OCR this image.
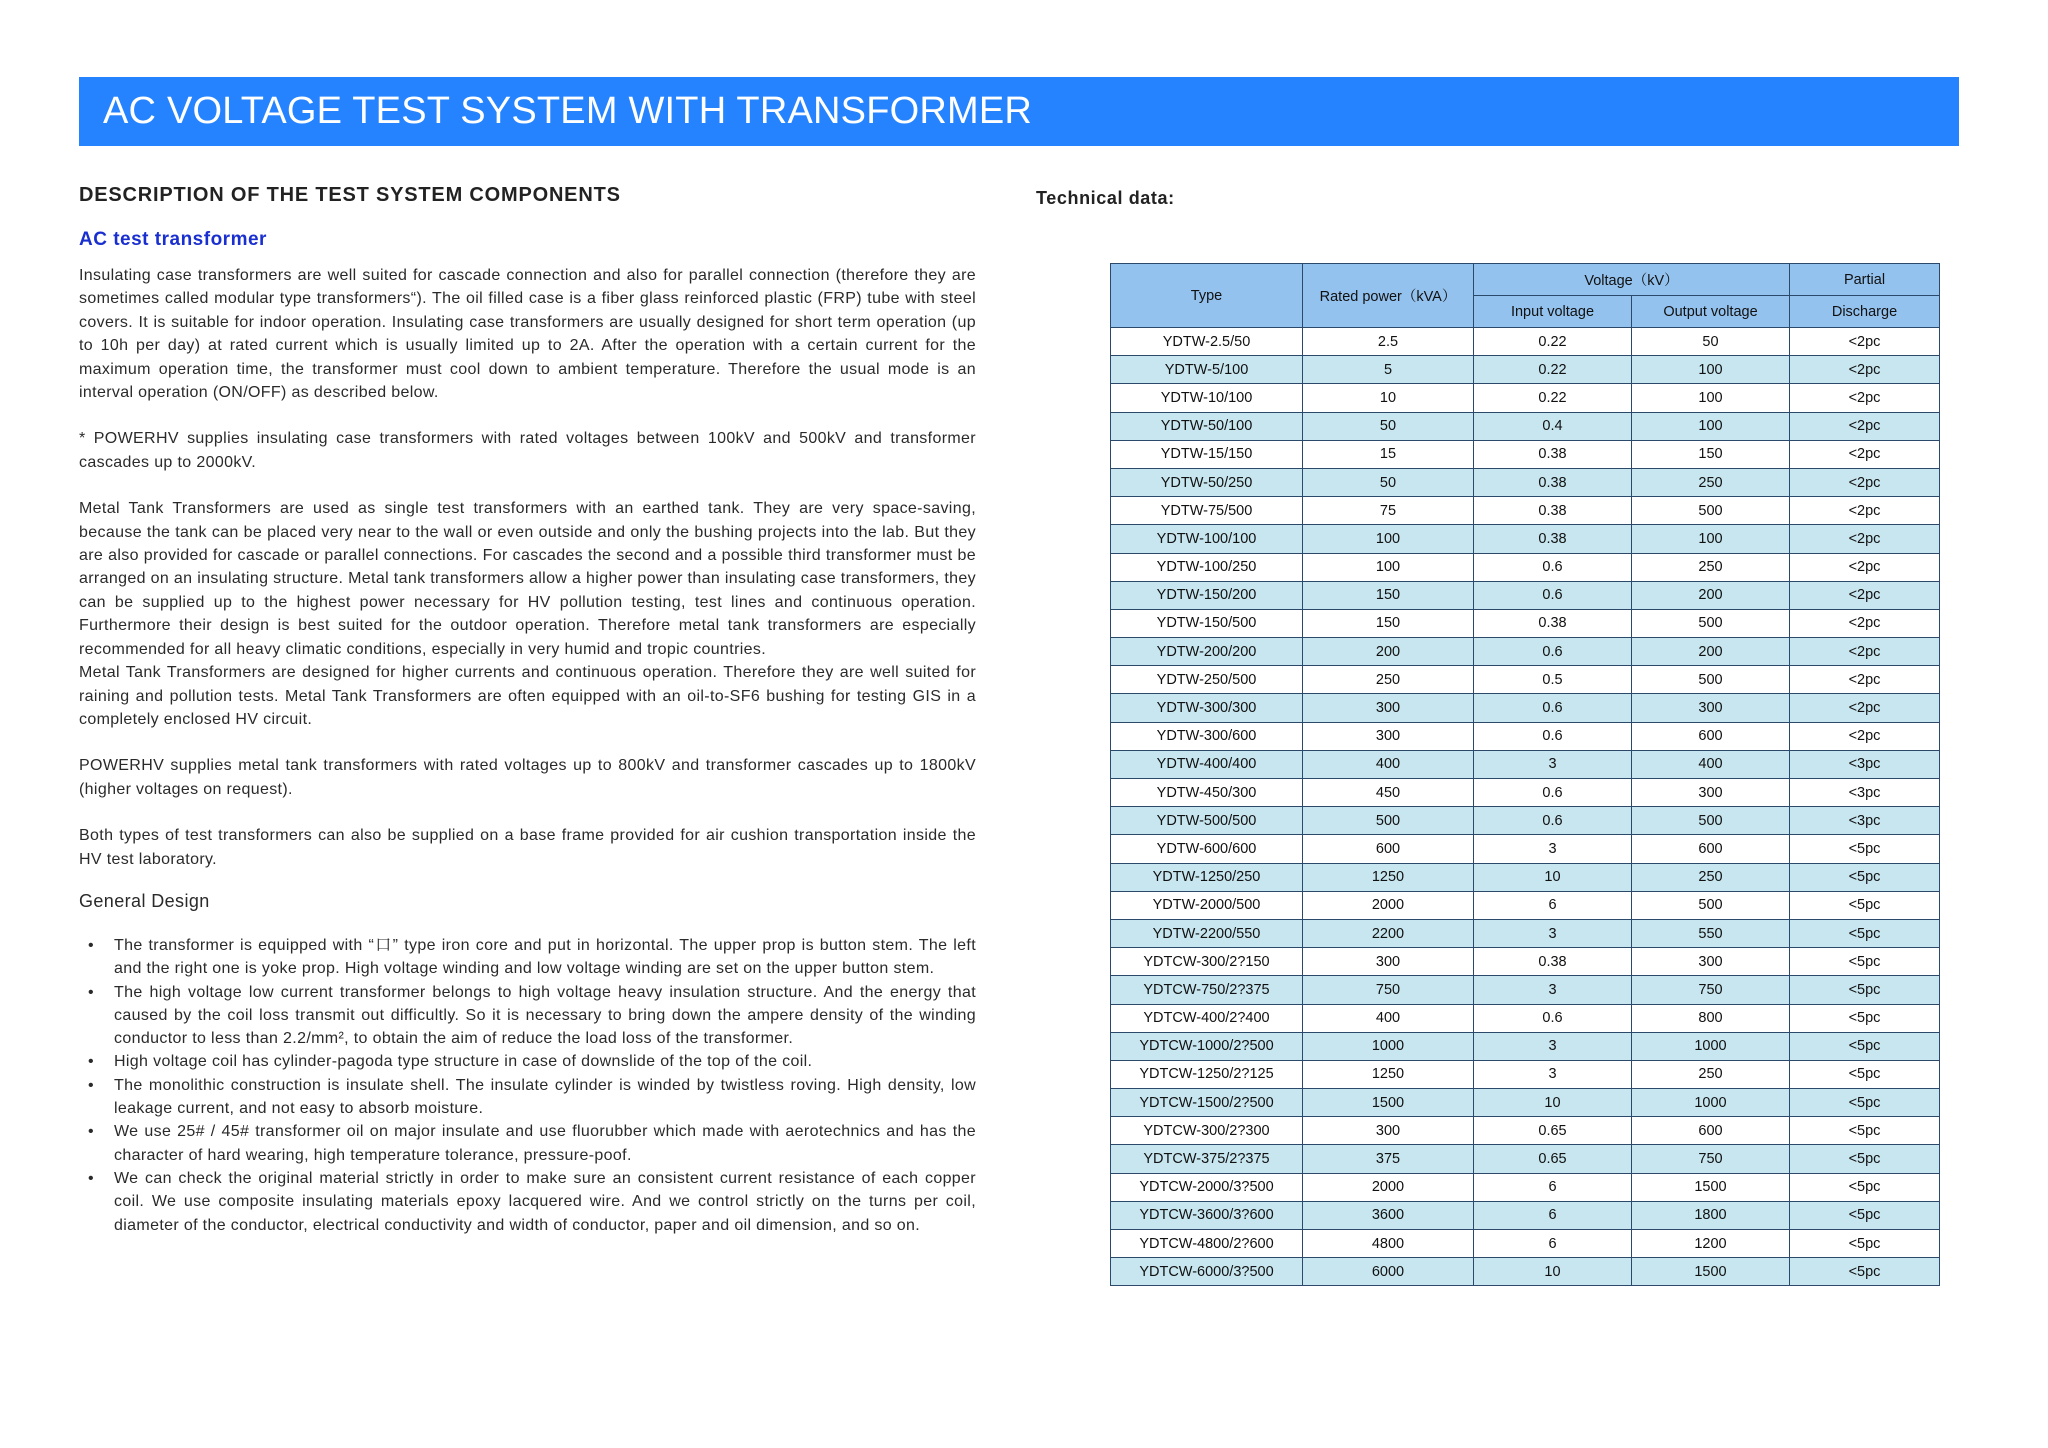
AC VOLTAGE TEST SYSTEM WITH TRANSFORMER
DESCRIPTION OF THE TEST SYSTEM COMPONENTS
AC test transformer

Insulating case transformers are well suited for cascade connection and also for parallel connection (therefore they are sometimes called modular type transformers“). The oil filled case is a fiber glass reinforced plastic (FRP) tube with steel covers. It is suitable for indoor operation. Insulating case transformers are usually designed for short term operation (up to 10h per day) at rated current which is usually limited up to 2A. After the operation with a certain current for the maximum operation time, the transformer must cool down to ambient temperature. Therefore the usual mode is an interval operation (ON/OFF) as described below.

* POWERHV supplies insulating case transformers with rated voltages between 100kV and 500kV and transformer cascades up to 2000kV.

Metal Tank Transformers are used as single test transformers with an earthed tank. They are very space-saving, because the tank can be placed very near to the wall or even outside and only the bushing projects into the lab. But they are also provided for cascade or parallel connections. For cascades the second and a possible third transformer must be arranged on an insulating structure. Metal tank transformers allow a higher power than insulating case transformers, they can be supplied up to the highest power necessary for HV pollution testing, test lines and continuous operation. Furthermore their design is best suited for the outdoor operation. Therefore metal tank transformers are especially recommended for all heavy climatic conditions, especially in very humid and tropic countries.

Metal Tank Transformers are designed for higher currents and continuous operation. Therefore they are well suited for raining and pollution tests. Metal Tank Transformers are often equipped with an oil-to-SF6 bushing for testing GIS in a completely enclosed HV circuit.

POWERHV supplies metal tank transformers with rated voltages up to 800kV and transformer cascades up to 1800kV (higher voltages on request).

Both types of test transformers can also be supplied on a base frame provided for air cushion transportation inside the HV test laboratory.

General Design
• The transformer is equipped with “口” type iron core and put in horizontal. The upper prop is button stem. The left and the right one is yoke prop. High voltage winding and low voltage winding are set on the upper button stem.
• The high voltage low current transformer belongs to high voltage heavy insulation structure. And the energy that caused by the coil loss transmit out difficultly. So it is necessary to bring down the ampere density of the winding conductor to less than 2.2/mm², to obtain the aim of reduce the load loss of the transformer.
• High voltage coil has cylinder-pagoda type structure in case of downslide of the top of the coil.
• The monolithic construction is insulate shell. The insulate cylinder is winded by twistless roving. High density, low leakage current, and not easy to absorb moisture.
• We use 25# / 45# transformer oil on major insulate and use fluorubber which made with aerotechnics and has the character of hard wearing, high temperature tolerance, pressure-poof.
• We can check the original material strictly in order to make sure an consistent current resistance of each copper coil. We use composite insulating materials epoxy lacquered wire. And we control strictly on the turns per coil, diameter of the conductor, electrical conductivity and width of conductor, paper and oil dimension, and so on.
Technical data:
Type	Rated power（kVA）	Voltage（kV）		Partial
		Input voltage	Output voltage	Discharge
YDTW-2.5/50	2.5	0.22	50	<2pc
YDTW-5/100	5	0.22	100	<2pc
YDTW-10/100	10	0.22	100	<2pc
YDTW-50/100	50	0.4	100	<2pc
YDTW-15/150	15	0.38	150	<2pc
YDTW-50/250	50	0.38	250	<2pc
YDTW-75/500	75	0.38	500	<2pc
YDTW-100/100	100	0.38	100	<2pc
YDTW-100/250	100	0.6	250	<2pc
YDTW-150/200	150	0.6	200	<2pc
YDTW-150/500	150	0.38	500	<2pc
YDTW-200/200	200	0.6	200	<2pc
YDTW-250/500	250	0.5	500	<2pc
YDTW-300/300	300	0.6	300	<2pc
YDTW-300/600	300	0.6	600	<2pc
YDTW-400/400	400	3	400	<3pc
YDTW-450/300	450	0.6	300	<3pc
YDTW-500/500	500	0.6	500	<3pc
YDTW-600/600	600	3	600	<5pc
YDTW-1250/250	1250	10	250	<5pc
YDTW-2000/500	2000	6	500	<5pc
YDTW-2200/550	2200	3	550	<5pc
YDTCW-300/2?150	300	0.38	300	<5pc
YDTCW-750/2?375	750	3	750	<5pc
YDTCW-400/2?400	400	0.6	800	<5pc
YDTCW-1000/2?500	1000	3	1000	<5pc
YDTCW-1250/2?125	1250	3	250	<5pc
YDTCW-1500/2?500	1500	10	1000	<5pc
YDTCW-300/2?300	300	0.65	600	<5pc
YDTCW-375/2?375	375	0.65	750	<5pc
YDTCW-2000/3?500	2000	6	1500	<5pc
YDTCW-3600/3?600	3600	6	1800	<5pc
YDTCW-4800/2?600	4800	6	1200	<5pc
YDTCW-6000/3?500	6000	10	1500	<5pc
